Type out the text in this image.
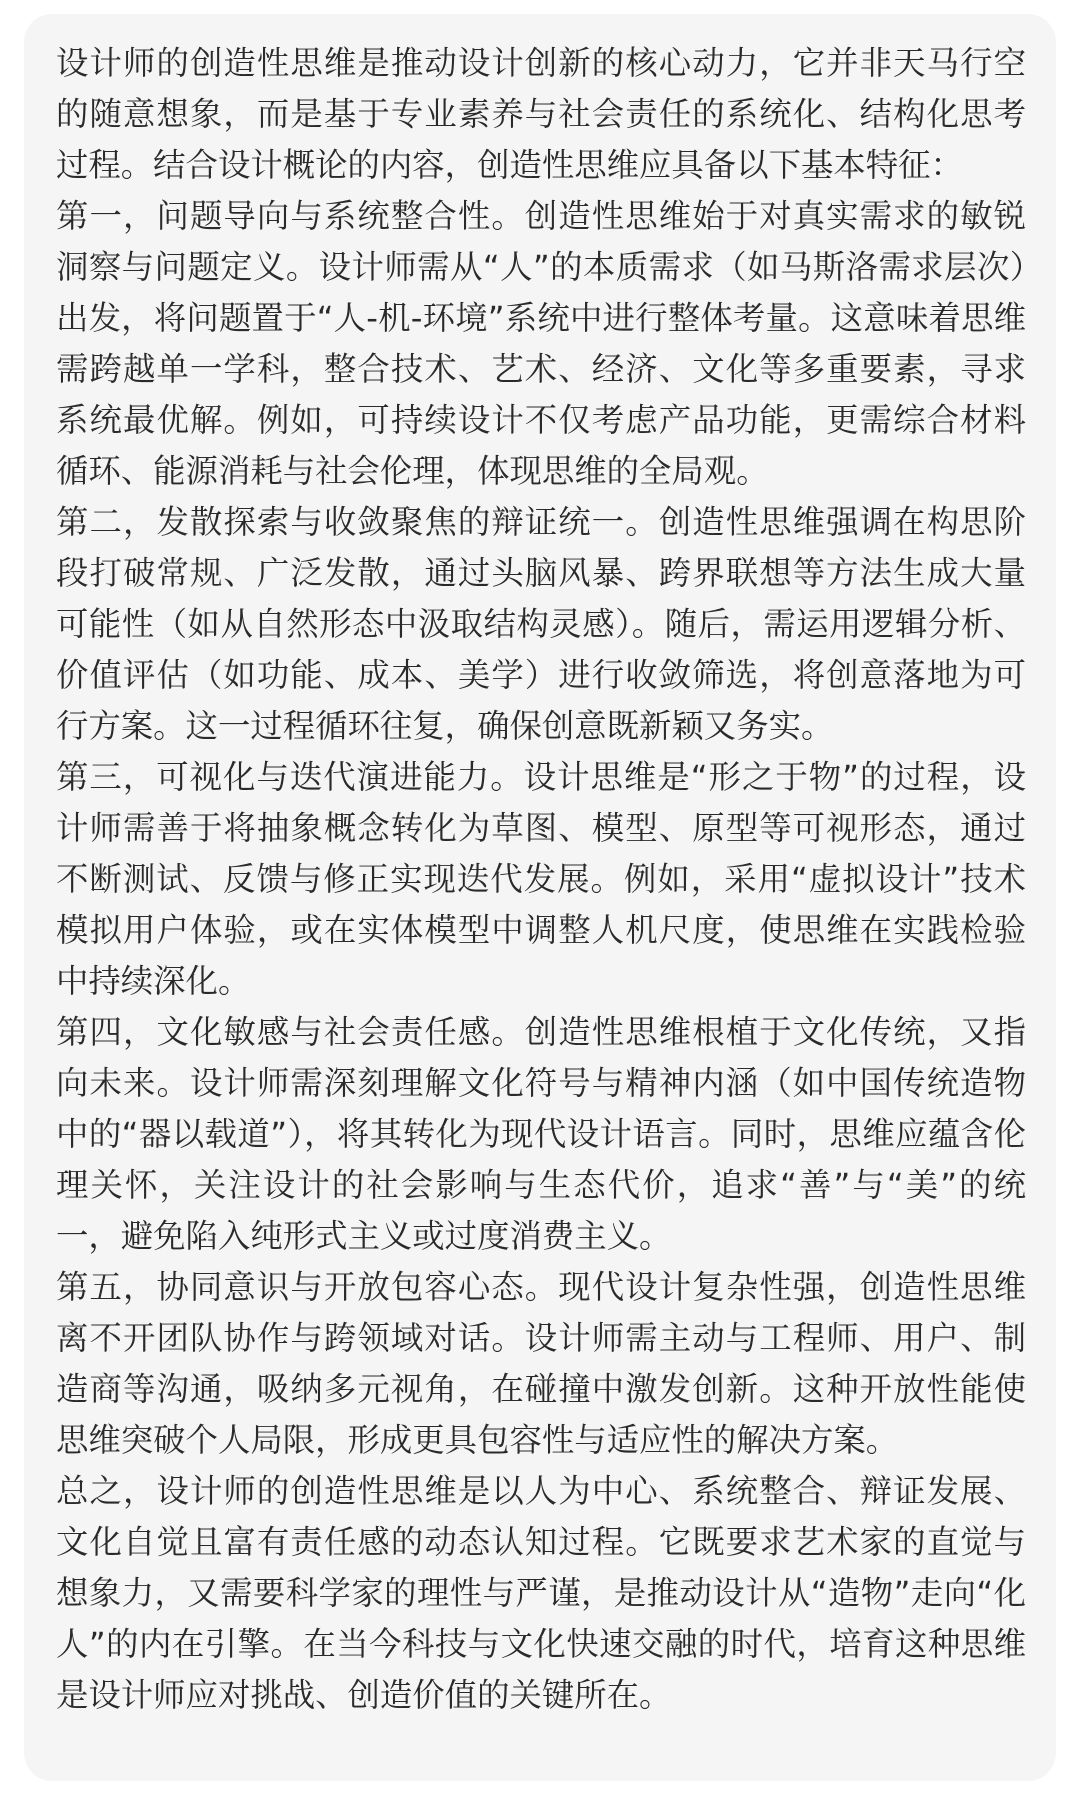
设计师的创造性思维是推动设计创新的核心动力，它并非天马行空的随意想象，而是基于专业素养与社会责任的系统化、结构化思考过程。结合设计概论的内容，创造性思维应具备以下基本特征：

第一，问题导向与系统整合性。创造性思维始于对真实需求的敏锐洞察与问题定义。设计师需从“人”的本质需求（如马斯洛需求层次）出发，将问题置于“人-机-环境”系统中进行整体考量。这意味着思维需跨越单一学科，整合技术、艺术、经济、文化等多重要素，寻求系统最优解。例如，可持续设计不仅考虑产品功能，更需综合材料循环、能源消耗与社会伦理，体现思维的全局观。

第二，发散探索与收敛聚焦的辩证统一。创造性思维强调在构思阶段打破常规、广泛发散，通过头脑风暴、跨界联想等方法生成大量可能性（如从自然形态中汲取结构灵感）。随后，需运用逻辑分析、价值评估（如功能、成本、美学）进行收敛筛选，将创意落地为可行方案。这一过程循环往复，确保创意既新颖又务实。

第三，可视化与迭代演进能力。设计思维是“形之于物”的过程，设计师需善于将抽象概念转化为草图、模型、原型等可视形态，通过不断测试、反馈与修正实现迭代发展。例如，采用“虚拟设计”技术模拟用户体验，或在实体模型中调整人机尺度，使思维在实践检验中持续深化。

第四，文化敏感与社会责任感。创造性思维根植于文化传统，又指向未来。设计师需深刻理解文化符号与精神内涵（如中国传统造物中的“器以载道”），将其转化为现代设计语言。同时，思维应蕴含伦理关怀，关注设计的社会影响与生态代价，追求“善”与“美”的统一，避免陷入纯形式主义或过度消费主义。

第五，协同意识与开放包容心态。现代设计复杂性强，创造性思维离不开团队协作与跨领域对话。设计师需主动与工程师、用户、制造商等沟通，吸纳多元视角，在碰撞中激发创新。这种开放性能使思维突破个人局限，形成更具包容性与适应性的解决方案。

总之，设计师的创造性思维是以人为中心、系统整合、辩证发展、文化自觉且富有责任感的动态认知过程。它既要求艺术家的直觉与想象力，又需要科学家的理性与严谨，是推动设计从“造物”走向“化人”的内在引擎。在当今科技与文化快速交融的时代，培育这种思维是设计师应对挑战、创造价值的关键所在。
